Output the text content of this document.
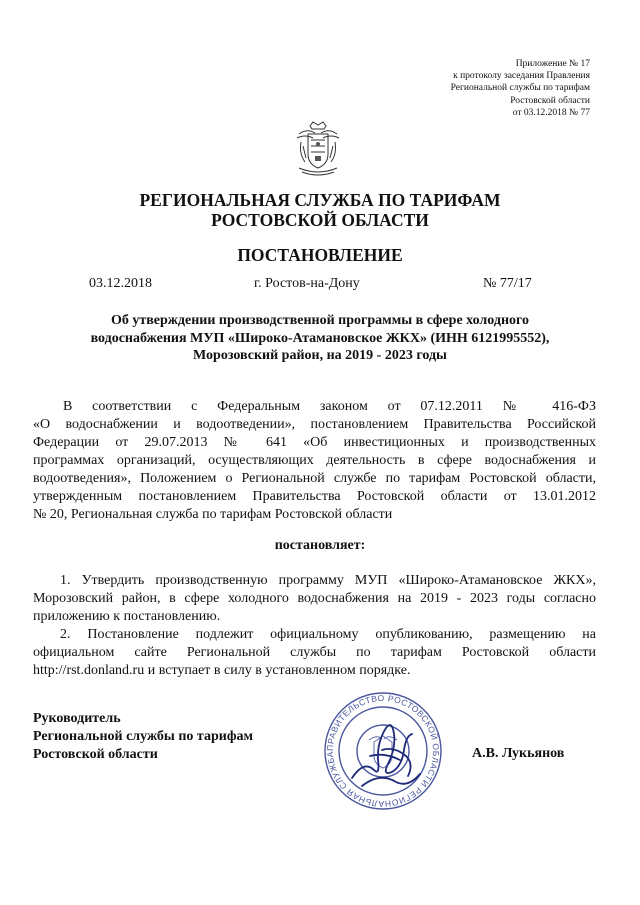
Приложение № 17
к протоколу заседания Правления
Региональной службы по тарифам
Ростовской области
от 03.12.2018 № 77
РЕГИОНАЛЬНАЯ СЛУЖБА ПО ТАРИФАМ
РОСТОВСКОЙ ОБЛАСТИ
ПОСТАНОВЛЕНИЕ
03.12.2018	г. Ростов-на-Дону	№ 77/17
Об утверждении производственной программы в сфере холодного
водоснабжения МУП «Широко-Атамановское ЖКХ» (ИНН 6121995552),
Морозовский район, на 2019 - 2023 годы
В соответствии с Федеральным законом от 07.12.2011 № 416-ФЗ
«О водоснабжении и водоотведении», постановлением Правительства Российской
Федерации от 29.07.2013 № 641 «Об инвестиционных и производственных
программах организаций, осуществляющих деятельность в сфере водоснабжения и
водоотведения», Положением о Региональной службе по тарифам Ростовской области,
утвержденным постановлением Правительства Ростовской области от 13.01.2012
№ 20, Региональная служба по тарифам Ростовской области
постановляет:
1. Утвердить производственную программу МУП «Широко-Атамановское ЖКХ»,
Морозовский район, в сфере холодного водоснабжения на 2019 - 2023 годы согласно
приложению к постановлению.
2. Постановление подлежит официальному опубликованию, размещению на
официальном сайте Региональной службы по тарифам Ростовской области
http://rst.donland.ru и вступает в силу в установленном порядке.
Руководитель
Региональной службы по тарифам
Ростовской области	ПРАВИТЕЛЬСТВО РОСТОВСКОЙ ОБЛАСТИ РЕГИОНАЛЬНАЯ СЛУЖБА	А.В. Лукьянов
